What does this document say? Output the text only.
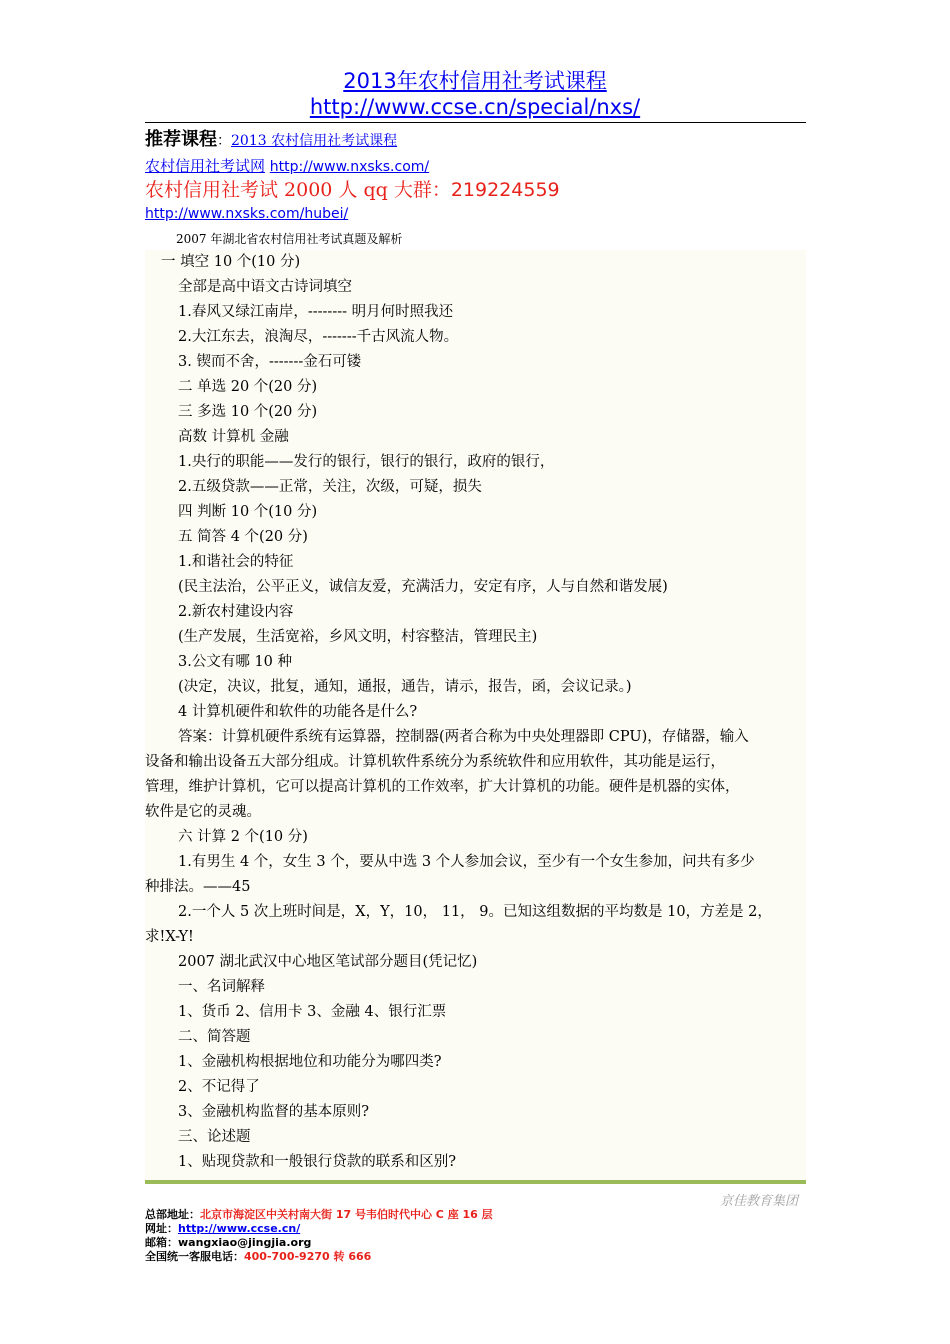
2013年农村信用社考试课程
http://www.ccse.cn/special/nxs/
推荐课程：2013 农村信用社考试课程
农村信用社考试网 http://www.nxsks.com/
农村信用社考试 2000 人 qq 大群：219224559
http://www.nxsks.com/hubei/
2007 年湖北省农村信用社考试真题及解析
一 填空 10 个(10 分)
全部是高中语文古诗词填空
1.春风又绿江南岸，-------- 明月何时照我还
2.大江东去，浪淘尽，-------千古风流人物。
3. 锲而不舍，-------金石可镂
二 单选 20 个(20 分)
三 多选 10 个(20 分)
高数 计算机 金融
1.央行的职能——发行的银行，银行的银行，政府的银行，
2.五级贷款——正常，关注，次级，可疑，损失
四 判断 10 个(10 分)
五 简答 4 个(20 分)
1.和谐社会的特征
(民主法治，公平正义，诚信友爱，充满活力，安定有序，人与自然和谐发展)
2.新农村建设内容
(生产发展，生活宽裕，乡风文明，村容整洁，管理民主)
3.公文有哪 10 种
(决定，决议，批复，通知，通报，通告，请示，报告，函，会议记录。)
4 计算机硬件和软件的功能各是什么?
答案：计算机硬件系统有运算器，控制器(两者合称为中央处理器即 CPU)，存储器，输入
设备和输出设备五大部分组成。计算机软件系统分为系统软件和应用软件，其功能是运行，
管理，维护计算机，它可以提高计算机的工作效率，扩大计算机的功能。硬件是机器的实体，
软件是它的灵魂。
六 计算 2 个(10 分)
1.有男生 4 个，女生 3 个，要从中选 3 个人参加会议，至少有一个女生参加，问共有多少
种排法。——45
2.一个人 5 次上班时间是，X，Y，10， 11， 9。已知这组数据的平均数是 10，方差是 2，
求!X-Y!
2007 湖北武汉中心地区笔试部分题目(凭记忆)
一、名词解释
1、货币 2、信用卡 3、金融 4、银行汇票
二、简答题
1、金融机构根据地位和功能分为哪四类?
2、不记得了
3、金融机构监督的基本原则?
三、论述题
1、贴现贷款和一般银行贷款的联系和区别?
京佳教育集团
总部地址：北京市海淀区中关村南大街 17 号韦伯时代中心 C 座 16 层
网址：http://www.ccse.cn/
邮箱：wangxiao@jingjia.org
全国统一客服电话：400-700-9270 转 666
